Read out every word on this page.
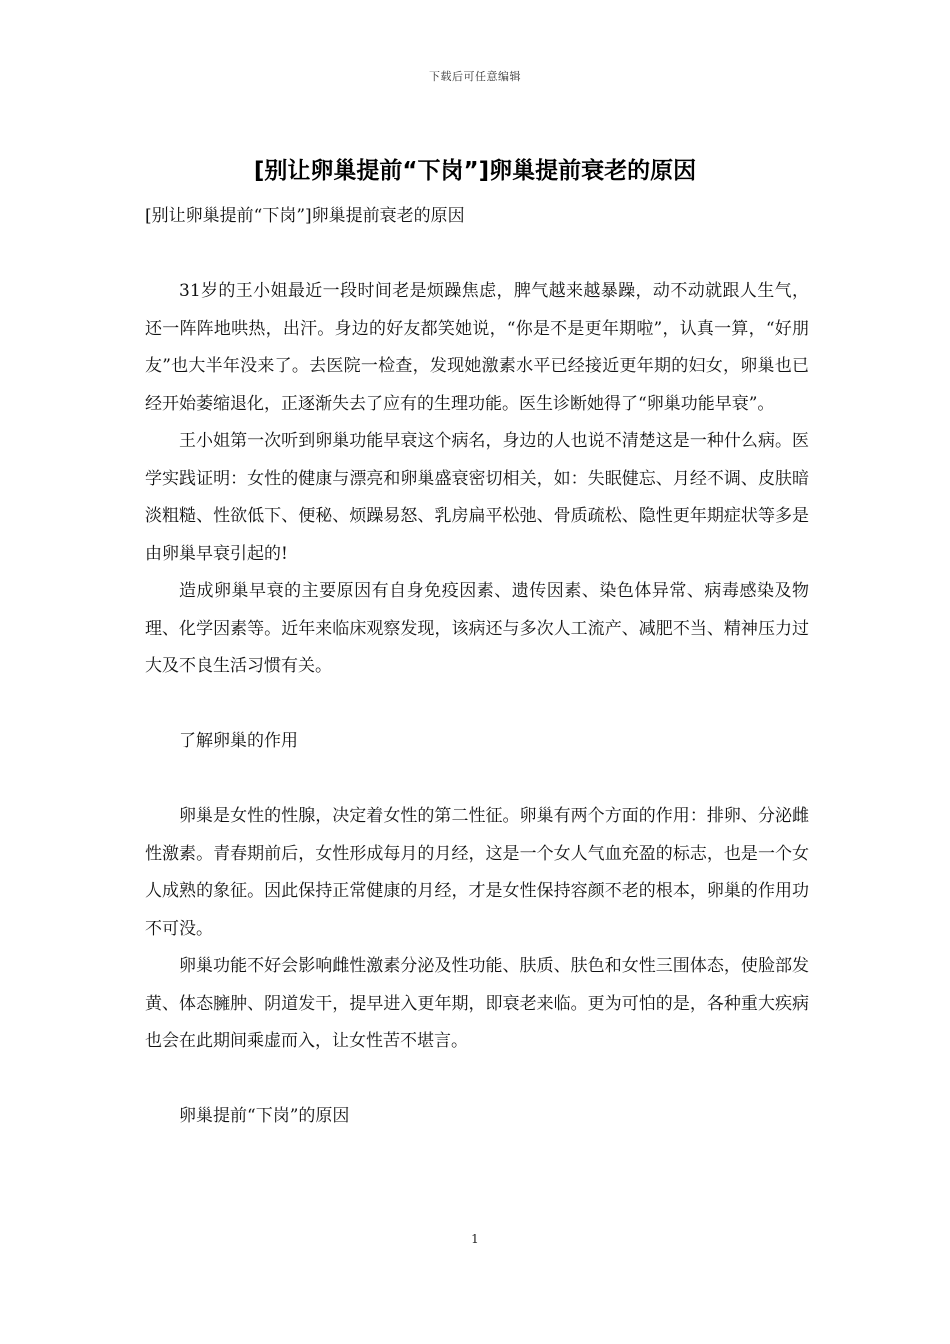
下载后可任意编辑
[别让卵巢提前“下岗”]卵巢提前衰老的原因

[别让卵巢提前“下岗”]卵巢提前衰老的原因

31岁的王小姐最近一段时间老是烦躁焦虑，脾气越来越暴躁，动不动就跟人生气，还一阵阵地哄热，出汗。身边的好友都笑她说，“你是不是更年期啦”，认真一算，“好朋友”也大半年没来了。去医院一检查，发现她激素水平已经接近更年期的妇女，卵巢也已经开始萎缩退化，正逐渐失去了应有的生理功能。医生诊断她得了“卵巢功能早衰”。

王小姐第一次听到卵巢功能早衰这个病名，身边的人也说不清楚这是一种什么病。医学实践证明：女性的健康与漂亮和卵巢盛衰密切相关，如：失眠健忘、月经不调、皮肤暗淡粗糙、性欲低下、便秘、烦躁易怒、乳房扁平松弛、骨质疏松、隐性更年期症状等多是由卵巢早衰引起的!

造成卵巢早衰的主要原因有自身免疫因素、遗传因素、染色体异常、病毒感染及物理、化学因素等。近年来临床观察发现，该病还与多次人工流产、减肥不当、精神压力过大及不良生活习惯有关。

了解卵巢的作用

卵巢是女性的性腺，决定着女性的第二性征。卵巢有两个方面的作用：排卵、分泌雌性激素。青春期前后，女性形成每月的月经，这是一个女人气血充盈的标志，也是一个女人成熟的象征。因此保持正常健康的月经，才是女性保持容颜不老的根本，卵巢的作用功不可没。

卵巢功能不好会影响雌性激素分泌及性功能、肤质、肤色和女性三围体态，使脸部发黄、体态臃肿、阴道发干，提早进入更年期，即衰老来临。更为可怕的是，各种重大疾病也会在此期间乘虚而入，让女性苦不堪言。

卵巢提前“下岗”的原因

1
